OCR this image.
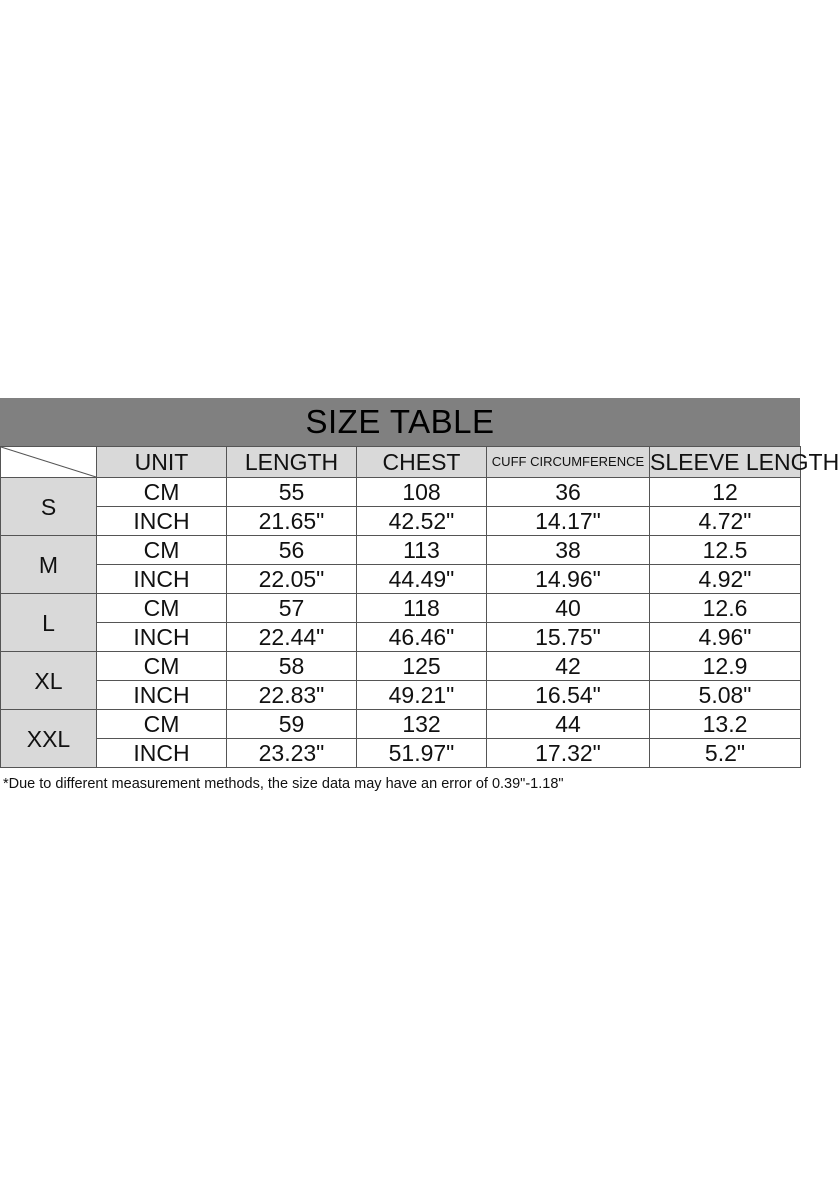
SIZE TABLE
	UNIT	LENGTH	CHEST	CUFF CIRCUMFERENCE	SLEEVE LENGTH
S	CM	55	108	36	12
	INCH	21.65"	42.52"	14.17"	4.72"
M	CM	56	113	38	12.5
	INCH	22.05"	44.49"	14.96"	4.92"
L	CM	57	118	40	12.6
	INCH	22.44"	46.46"	15.75"	4.96"
XL	CM	58	125	42	12.9
	INCH	22.83"	49.21"	16.54"	5.08"
XXL	CM	59	132	44	13.2
	INCH	23.23"	51.97"	17.32"	5.2"
*Due to different measurement methods, the size data may have an error of 0.39"-1.18"
